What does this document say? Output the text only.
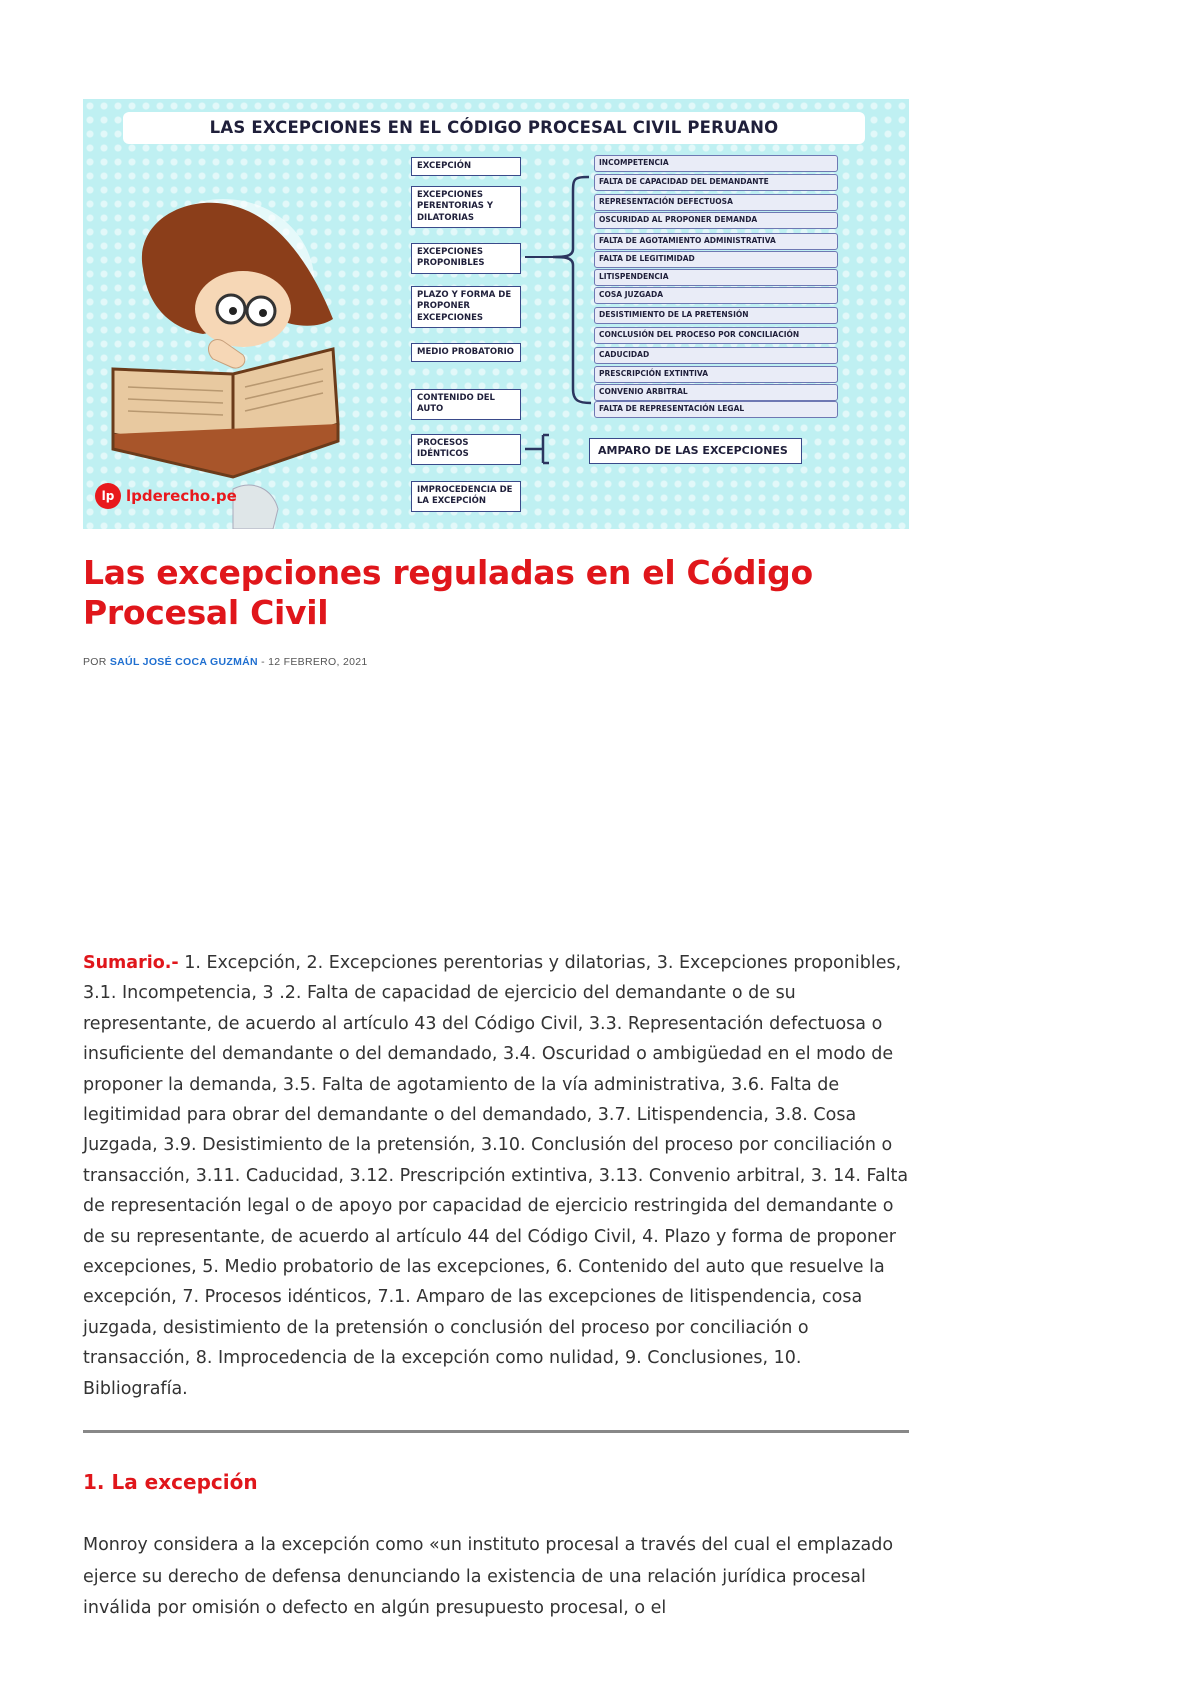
LAS EXCEPCIONES EN EL CÓDIGO PROCESAL CIVIL PERUANO
lp lpderecho.pe
EXCEPCIÓN
EXCEPCIONES PERENTORIAS Y DILATORIAS
EXCEPCIONES PROPONIBLES
PLAZO Y FORMA DE PROPONER EXCEPCIONES
MEDIO PROBATORIO
CONTENIDO DEL AUTO
PROCESOS IDÉNTICOS
IMPROCEDENCIA DE LA EXCEPCIÓN
INCOMPETENCIA
FALTA DE CAPACIDAD DEL DEMANDANTE
REPRESENTACIÓN DEFECTUOSA
OSCURIDAD AL PROPONER DEMANDA
FALTA DE AGOTAMIENTO ADMINISTRATIVA
FALTA DE LEGITIMIDAD
LITISPENDENCIA
COSA JUZGADA
DESISTIMIENTO DE LA PRETENSIÓN
CONCLUSIÓN DEL PROCESO POR CONCILIACIÓN
CADUCIDAD
PRESCRIPCIÓN EXTINTIVA
CONVENIO ARBITRAL
FALTA DE REPRESENTACIÓN LEGAL
AMPARO DE LAS EXCEPCIONES
Las excepciones reguladas en el Código Procesal Civil
POR SAÚL JOSÉ COCA GUZMÁN - 12 FEBRERO, 2021

Sumario.- 1. Excepción, 2. Excepciones perentorias y dilatorias, 3. Excepciones proponibles, 3.1. Incompetencia, 3 .2. Falta de capacidad de ejercicio del demandante o de su representante, de acuerdo al artículo 43 del Código Civil, 3.3. Representación defectuosa o insuficiente del demandante o del demandado, 3.4. Oscuridad o ambigüedad en el modo de proponer la demanda, 3.5. Falta de agotamiento de la vía administrativa, 3.6. Falta de legitimidad para obrar del demandante o del demandado, 3.7. Litispendencia, 3.8. Cosa Juzgada, 3.9. Desistimiento de la pretensión, 3.10. Conclusión del proceso por conciliación o transacción, 3.11. Caducidad, 3.12. Prescripción extintiva, 3.13. Convenio arbitral, 3. 14. Falta de representación legal o de apoyo por capacidad de ejercicio restringida del demandante o de su representante, de acuerdo al artículo 44 del Código Civil, 4. Plazo y forma de proponer excepciones, 5. Medio probatorio de las excepciones, 6. Contenido del auto que resuelve la excepción, 7. Procesos idénticos, 7.1. Amparo de las excepciones de litispendencia, cosa juzgada, desistimiento de la pretensión o conclusión del proceso por conciliación o transacción, 8. Improcedencia de la excepción como nulidad, 9. Conclusiones, 10. Bibliografía.

1. La excepción

Monroy considera a la excepción como «un instituto procesal a través del cual el emplazado ejerce su derecho de defensa denunciando la existencia de una relación jurídica procesal inválida por omisión o defecto en algún presupuesto procesal, o el
